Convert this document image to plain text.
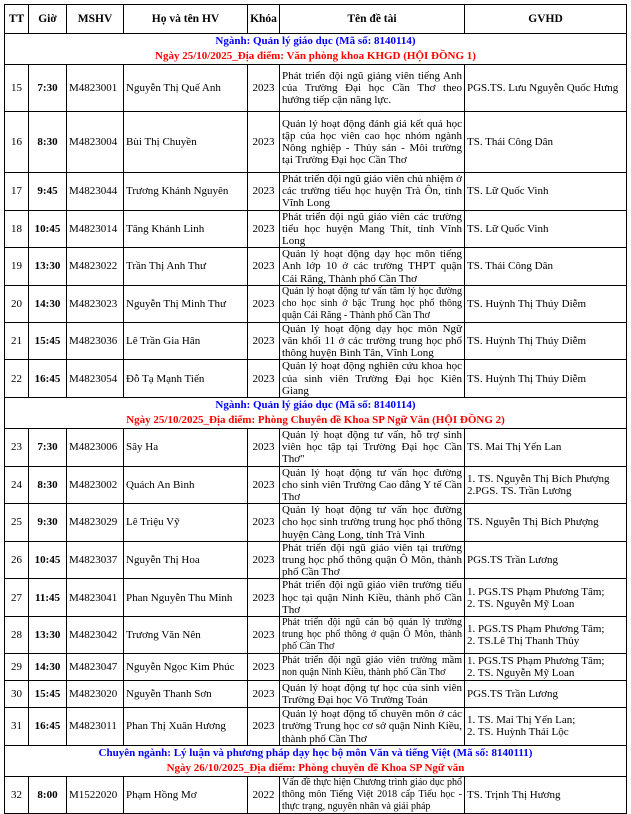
TT	Giờ	MSHV	Họ và tên HV	Khóa	Tên đề tài	GVHD

Ngành: Quản lý giáo dục (Mã số: 8140114)
Ngày 25/10/2025_Địa điểm: Văn phòng khoa KHGD (HỘI ĐỒNG 1)						

15	7:30	M4823001	Nguyễn Thị Quế Anh	2023	Phát triển đội ngũ giảng viên tiếng Anh của Trường Đại học Cần Thơ theo hướng tiếp cận năng lực.	PGS.TS. Lưu Nguyễn Quốc Hưng
16	8:30	M4823004	Bùi Thị Chuyền	2023	Quản lý hoạt động đánh giá kết quả học tập của học viên cao học nhóm ngành Nông nghiệp - Thủy sản - Môi trường tại Trường Đại học Cần Thơ	TS. Thái Công Dân
17	9:45	M4823044	Trương Khánh Nguyên	2023	Phát triển đội ngũ giáo viên chủ nhiệm ở các trường tiểu học huyện Trà Ôn, tỉnh Vĩnh Long	TS. Lữ Quốc Vinh
18	10:45	M4823014	Tăng Khánh Linh	2023	Phát triển đội ngũ giáo viên các trường tiểu học huyện Mang Thít, tỉnh Vĩnh Long	TS. Lữ Quốc Vinh
19	13:30	M4823022	Trần Thị Anh Thư	2023	Quản lý hoạt động dạy học môn tiếng Anh lớp 10 ở các trường THPT quận Cái Răng, Thành phố Cần Thơ	TS. Thái Công Dân
20	14:30	M4823023	Nguyễn Thị Minh Thư	2023	Quản lý hoạt động tư vấn tâm lý học đường cho học sinh ở bậc Trung học phổ thông quận Cái Răng - Thành phố Cần Thơ	TS. Huỳnh Thị Thúy Diễm
21	15:45	M4823036	Lê Trần Gia Hân	2023	Quản lý hoạt động dạy học môn Ngữ văn khối 11 ở các trường trung học phổ thông huyện Bình Tân, Vĩnh Long	TS. Huỳnh Thị Thúy Diễm
22	16:45	M4823054	Đỗ Tạ Mạnh Tiến	2023	Quản lý hoạt động nghiên cứu khoa học của sinh viên Trường Đại học Kiên Giang	TS. Huỳnh Thị Thúy Diễm

Ngành: Quản lý giáo dục (Mã số: 8140114)
Ngày 25/10/2025_Địa điểm: Phòng Chuyên đề Khoa SP Ngữ Văn (HỘI ĐỒNG 2)						

23	7:30	M4823006	Sây Ha	2023	Quản lý hoạt động tư vấn, hỗ trợ sinh viên học tập tại Trường Đại học Cần Thơ"	TS. Mai Thị Yến Lan
24	8:30	M4823002	Quách An Bình	2023	Quản lý hoạt động tư vấn học đường cho sinh viên Trường Cao đẳng Y tế Cần Thơ	1. TS. Nguyễn Thị Bích Phượng
2.PGS. TS. Trần Lương
25	9:30	M4823029	Lê Triệu Vỹ	2023	Quản lý hoạt động tư vấn học đường cho học sinh trường trung học phổ thông huyện Càng Long, tỉnh Trà Vinh	TS. Nguyễn Thị Bích Phượng
26	10:45	M4823037	Nguyễn Thị Hoa	2023	Phát triển đội ngũ giáo viên tại trường trung học phổ thông quận Ô Môn, thành phố Cần Thơ	PGS.TS Trần Lương
27	11:45	M4823041	Phan Nguyễn Thu Minh	2023	Phát triển đội ngũ giáo viên trường tiểu học tại quận Ninh Kiều, thành phố Cần Thơ	1. PGS.TS Phạm Phương Tâm;
2. TS. Nguyễn Mỹ Loan
28	13:30	M4823042	Trương Văn Nên	2023	Phát triển đội ngũ cán bộ quản lý trường trung học phổ thông ở quận Ô Môn, thành phố Cần Thơ	1. PGS.TS Phạm Phương Tâm;
2. TS.Lê Thị Thanh Thủy
29	14:30	M4823047	Nguyễn Ngọc Kim Phúc	2023	Phát triển đội ngũ giáo viên trường mầm non quận Ninh Kiều, thành phố Cần Thơ	1. PGS.TS Phạm Phương Tâm;
2. TS. Nguyễn Mỹ Loan
30	15:45	M4823020	Nguyễn Thanh Sơn	2023	Quản lý hoạt động tự học của sinh viên Trường Đại học Võ Trường Toản	PGS.TS Trần Lương
31	16:45	M4823011	Phan Thị Xuân Hương	2023	Quản lý hoạt động tổ chuyên môn ở các trường Trung học cơ sở quận Ninh Kiều, thành phố Cần Thơ	1. TS. Mai Thị Yến Lan;
2. TS. Huỳnh Thái Lộc

Chuyên ngành: Lý luận và phương pháp dạy học bộ môn Văn và tiếng Việt (Mã số: 8140111)
Ngày 26/10/2025_Địa điểm: Phòng chuyên đề Khoa SP Ngữ văn						

32	8:00	M1522020	Phạm Hồng Mơ	2022	Vấn đề thực hiện Chương trình giáo dục phổ thông môn Tiếng Việt 2018 cấp Tiểu học - thực trạng, nguyên nhân và giải pháp	TS. Trịnh Thị Hương
